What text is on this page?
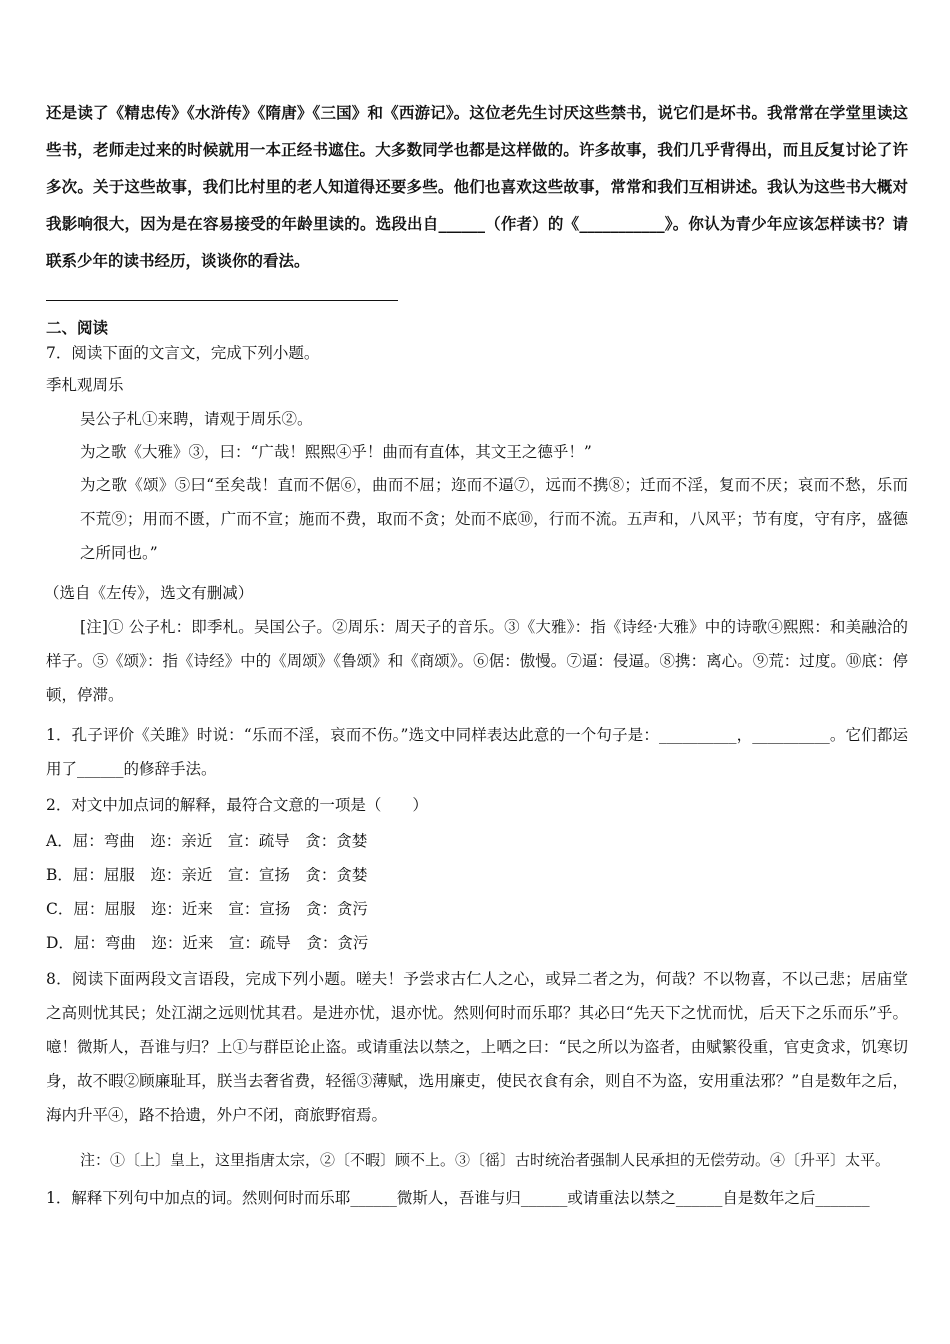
还是读了《精忠传》《水浒传》《隋唐》《三国》和《西游记》。这位老先生讨厌这些禁书，说它们是坏书。我常常在学堂里读这些书，老师走过来的时候就用一本正经书遮住。大多数同学也都是这样做的。许多故事，我们几乎背得出，而且反复讨论了许多次。关于这些故事，我们比村里的老人知道得还要多些。他们也喜欢这些故事，常常和我们互相讲述。我认为这些书大概对我影响很大，因为是在容易接受的年龄里读的。选段出自______（作者）的《___________》。你认为青少年应该怎样读书？请联系少年的读书经历，谈谈你的看法。
二、阅读
7．阅读下面的文言文，完成下列小题。
季札观周乐
吴公子札①来聘，请观于周乐②。
为之歌《大雅》③，曰：“广哉！熙熙④乎！曲而有直体，其文王之德乎！”
为之歌《颂》⑤曰“至矣哉！直而不倨⑥，曲而不屈；迩而不逼⑦，远而不携⑧；迁而不淫，复而不厌；哀而不愁，乐而不荒⑨；用而不匮，广而不宣；施而不费，取而不贪；处而不底⑩，行而不流。五声和，八风平；节有度，守有序，盛德之所同也。”
（选自《左传》，选文有删减）
[注]① 公子札：即季札。吴国公子。②周乐：周天子的音乐。③《大雅》：指《诗经·大雅》中的诗歌④熙熙：和美融洽的样子。⑤《颂》：指《诗经》中的《周颂》《鲁颂》和《商颂》。⑥倨：傲慢。⑦逼：侵逼。⑧携：离心。⑨荒：过度。⑩底：停顿，停滞。
1．孔子评价《关雎》时说：“乐而不淫，哀而不伤。”选文中同样表达此意的一个句子是：__________，__________。它们都运用了______的修辞手法。
2．对文中加点词的解释，最符合文意的一项是（　　）
A．屈：弯曲　迩：亲近　宣：疏导　贪：贪婪
B．屈：屈服　迩：亲近　宣：宣扬　贪：贪婪
C．屈：屈服　迩：近来　宣：宣扬　贪：贪污
D．屈：弯曲　迩：近来　宣：疏导　贪：贪污
8．阅读下面两段文言语段，完成下列小题。嗟夫！予尝求古仁人之心，或异二者之为，何哉？不以物喜，不以己悲；居庙堂之高则忧其民；处江湖之远则忧其君。是进亦忧，退亦忧。然则何时而乐耶？其必曰“先天下之忧而忧，后天下之乐而乐”乎。噫！微斯人，吾谁与归？上①与群臣论止盗。或请重法以禁之，上哂之曰：“民之所以为盗者，由赋繁役重，官吏贪求，饥寒切身，故不暇②顾廉耻耳，朕当去奢省费，轻徭③薄赋，选用廉吏，使民衣食有余，则自不为盗，安用重法邪？”自是数年之后，海内升平④，路不拾遗，外户不闭，商旅野宿焉。
注：①〔上〕皇上，这里指唐太宗，②〔不暇〕顾不上。③〔徭〕古时统治者强制人民承担的无偿劳动。④〔升平〕太平。
1．解释下列句中加点的词。然则何时而乐耶______微斯人，吾谁与归______或请重法以禁之______自是数年之后_______
